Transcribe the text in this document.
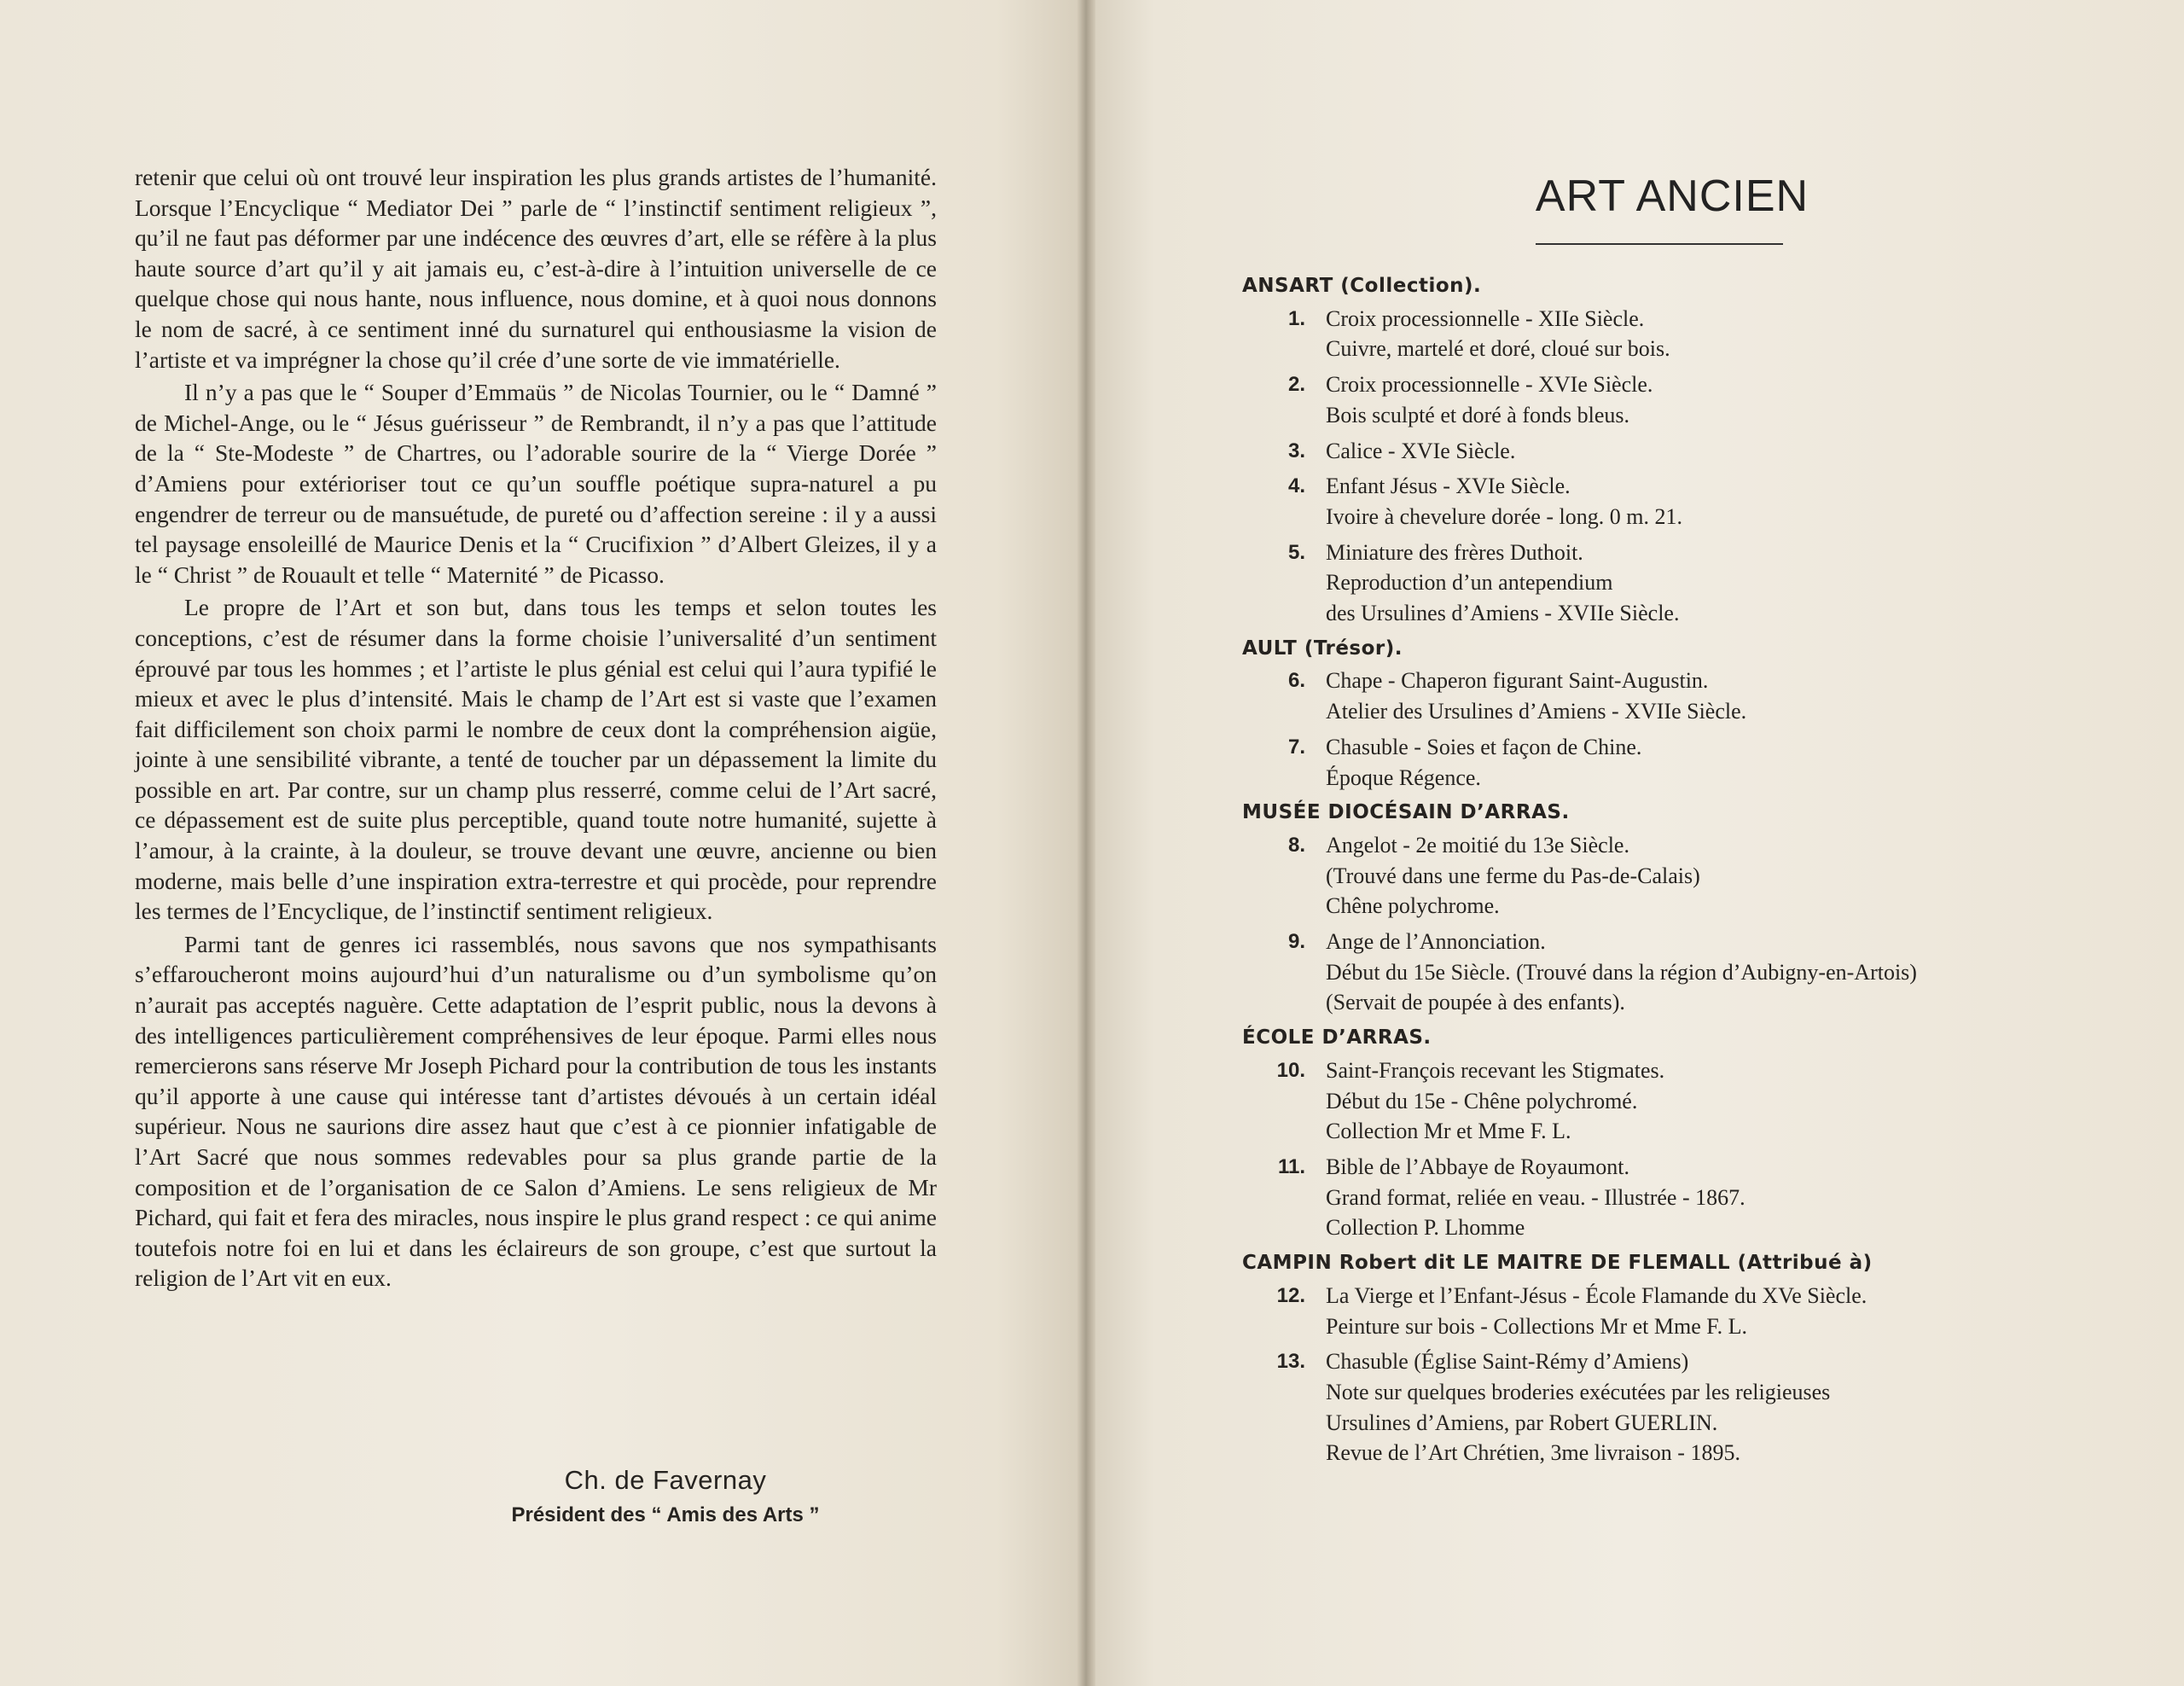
retenir que celui où ont trouvé leur inspiration les plus grands artistes de l’humanité. Lorsque l’Encyclique “ Mediator Dei ” parle de “ l’instinctif sentiment religieux ”, qu’il ne faut pas déformer par une indécence des œuvres d’art, elle se réfère à la plus haute source d’art qu’il y ait jamais eu, c’est-à-dire à l’intuition universelle de ce quelque chose qui nous hante, nous influence, nous domine, et à quoi nous donnons le nom de sacré, à ce sentiment inné du surnaturel qui enthousiasme la vision de l’artiste et va imprégner la chose qu’il crée d’une sorte de vie immatérielle.

Il n’y a pas que le “ Souper d’Emmaüs ” de Nicolas Tournier, ou le “ Damné ” de Michel-Ange, ou le “ Jésus guérisseur ” de Rembrandt, il n’y a pas que l’attitude de la “ Ste-Modeste ” de Chartres, ou l’adorable sourire de la “ Vierge Dorée ” d’Amiens pour extérioriser tout ce qu’un souffle poétique supra-naturel a pu engendrer de terreur ou de mansuétude, de pureté ou d’affection sereine : il y a aussi tel paysage ensoleillé de Maurice Denis et la “ Crucifixion ” d’Albert Gleizes, il y a le “ Christ ” de Rouault et telle “ Maternité ” de Picasso.

Le propre de l’Art et son but, dans tous les temps et selon toutes les conceptions, c’est de résumer dans la forme choisie l’universalité d’un sentiment éprouvé par tous les hommes ; et l’artiste le plus génial est celui qui l’aura typifié le mieux et avec le plus d’intensité. Mais le champ de l’Art est si vaste que l’examen fait difficilement son choix parmi le nombre de ceux dont la compréhension aigüe, jointe à une sensibilité vibrante, a tenté de toucher par un dépassement la limite du possible en art. Par contre, sur un champ plus resserré, comme celui de l’Art sacré, ce dépassement est de suite plus perceptible, quand toute notre humanité, sujette à l’amour, à la crainte, à la douleur, se trouve devant une œuvre, ancienne ou bien moderne, mais belle d’une inspiration extra-terrestre et qui procède, pour reprendre les termes de l’Encyclique, de l’instinctif sentiment religieux.

Parmi tant de genres ici rassemblés, nous savons que nos sympathisants s’effaroucheront moins aujourd’hui d’un naturalisme ou d’un symbolisme qu’on n’aurait pas acceptés naguère. Cette adaptation de l’esprit public, nous la devons à des intelligences particulièrement compréhensives de leur époque. Parmi elles nous remercierons sans réserve Mr Joseph Pichard pour la contribution de tous les instants qu’il apporte à une cause qui intéresse tant d’artistes dévoués à un certain idéal supérieur. Nous ne saurions dire assez haut que c’est à ce pionnier infatigable de l’Art Sacré que nous sommes redevables pour sa plus grande partie de la composition et de l’organisation de ce Salon d’Amiens. Le sens religieux de Mr Pichard, qui fait et fera des miracles, nous inspire le plus grand respect : ce qui anime toutefois notre foi en lui et dans les éclaireurs de son groupe, c’est que surtout la religion de l’Art vit en eux.

Ch. de Favernay
Président des “ Amis des Arts ”
ART ANCIEN
ANSART (Collection).
1. Croix processionnelle - XIIe Siècle.
Cuivre, martelé et doré, cloué sur bois.
2. Croix processionnelle - XVIe Siècle.
Bois sculpté et doré à fonds bleus.
3. Calice - XVIe Siècle.
4. Enfant Jésus - XVIe Siècle.
Ivoire à chevelure dorée - long. 0 m. 21.
5. Miniature des frères Duthoit.
Reproduction d’un antependium
des Ursulines d’Amiens - XVIIe Siècle.
AULT (Trésor).
6. Chape - Chaperon figurant Saint-Augustin.
Atelier des Ursulines d’Amiens - XVIIe Siècle.
7. Chasuble - Soies et façon de Chine.
Époque Régence.
MUSÉE DIOCÉSAIN D’ARRAS.
8. Angelot - 2e moitié du 13e Siècle.
(Trouvé dans une ferme du Pas-de-Calais)
Chêne polychrome.
9. Ange de l’Annonciation.
Début du 15e Siècle. (Trouvé dans la région d’Aubigny-en-Artois)
(Servait de poupée à des enfants).
ÉCOLE D’ARRAS.
10. Saint-François recevant les Stigmates.
Début du 15e - Chêne polychromé.
Collection Mr et Mme F. L.
11. Bible de l’Abbaye de Royaumont.
Grand format, reliée en veau. - Illustrée - 1867.
Collection P. Lhomme
CAMPIN Robert dit LE MAITRE DE FLEMALL (Attribué à)
12. La Vierge et l’Enfant-Jésus - École Flamande du XVe Siècle.
Peinture sur bois - Collections Mr et Mme F. L.
13. Chasuble (Église Saint-Rémy d’Amiens)
Note sur quelques broderies exécutées par les religieuses
Ursulines d’Amiens, par Robert GUERLIN.
Revue de l’Art Chrétien, 3me livraison - 1895.
